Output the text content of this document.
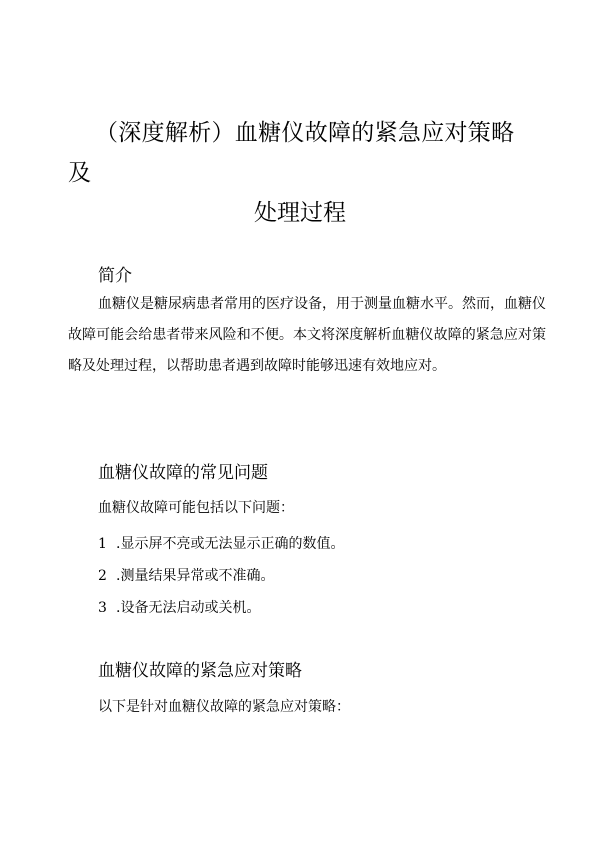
（深度解析）血糖仪故障的紧急应对策略
及
处理过程
简介

血糖仪是糖尿病患者常用的医疗设备，用于测量血糖水平。然而，血糖仪故障可能会给患者带来风险和不便。本文将深度解析血糖仪故障的紧急应对策略及处理过程，以帮助患者遇到故障时能够迅速有效地应对。

血糖仪故障的常见问题
血糖仪故障可能包括以下问题：
1 .显示屏不亮或无法显示正确的数值。
2 .测量结果异常或不准确。
3 .设备无法启动或关机。
血糖仪故障的紧急应对策略
以下是针对血糖仪故障的紧急应对策略：
